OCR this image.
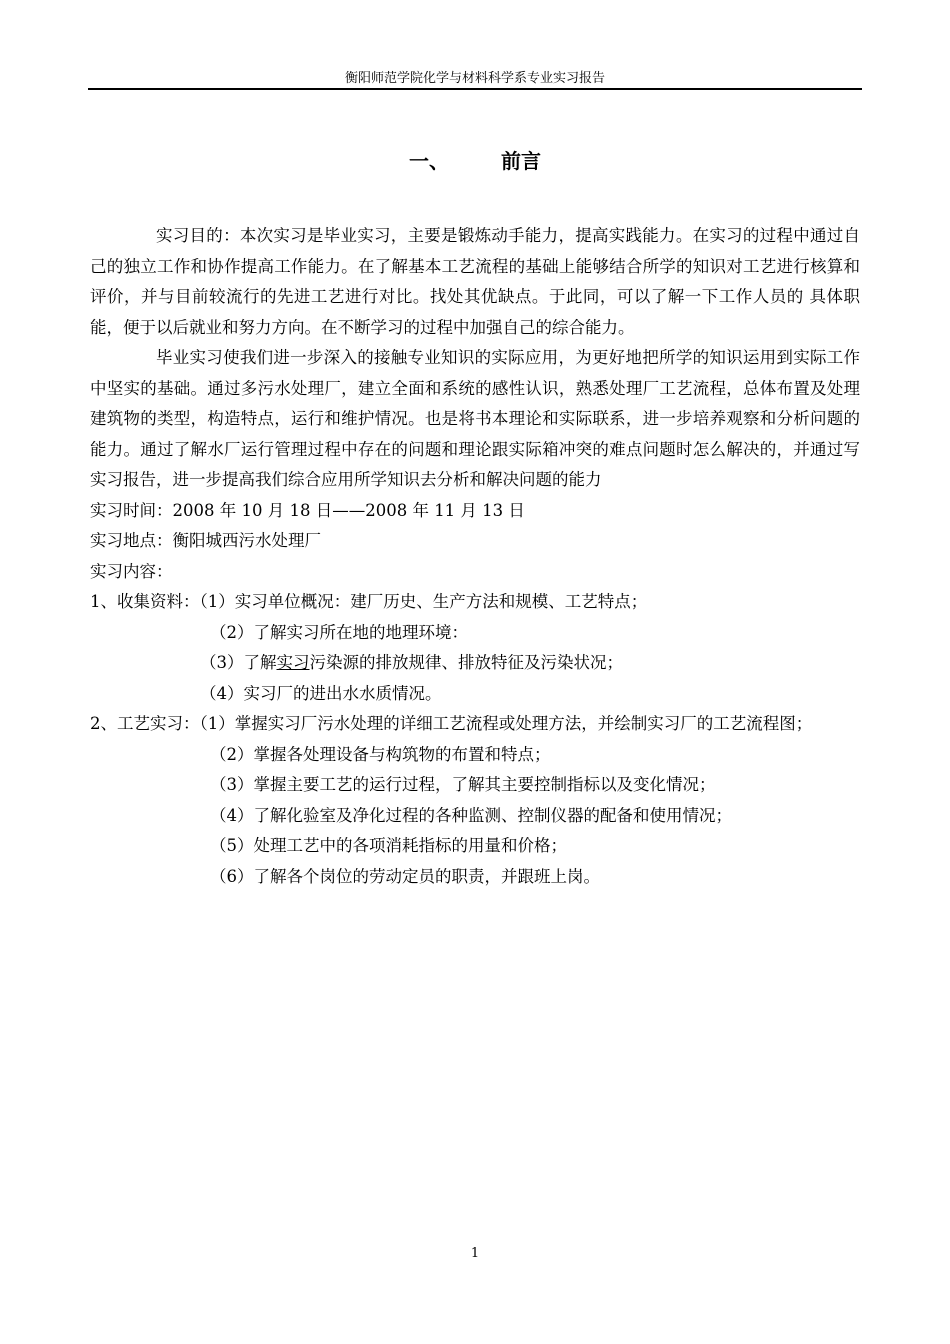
衡阳师范学院化学与材料科学系专业实习报告
一、	前言

实习目的：本次实习是毕业实习，主要是锻炼动手能力，提高实践能力。在实习的过程中通过自己的独立工作和协作提高工作能力。在了解基本工艺流程的基础上能够结合所学的知识对工艺进行核算和评价，并与目前较流行的先进工艺进行对比。找处其优缺点。于此同，可以了解一下工作人员的 具体职能，便于以后就业和努力方向。在不断学习的过程中加强自己的综合能力。

毕业实习使我们进一步深入的接触专业知识的实际应用，为更好地把所学的知识运用到实际工作中坚实的基础。通过多污水处理厂，建立全面和系统的感性认识，熟悉处理厂工艺流程，总体布置及处理建筑物的类型，构造特点，运行和维护情况。也是将书本理论和实际联系，进一步培养观察和分析问题的能力。通过了解水厂运行管理过程中存在的问题和理论跟实际箱冲突的难点问题时怎么解决的，并通过写实习报告，进一步提高我们综合应用所学知识去分析和解决问题的能力

实习时间：2008 年 10 月 18 日——2008 年 11 月 13 日

实习地点：衡阳城西污水处理厂

实习内容：

1、收集资料：（1）实习单位概况：建厂历史、生产方法和规模、工艺特点；

（2）了解实习所在地的地理环境：

（3）了解实习污染源的排放规律、排放特征及污染状况；

（4）实习厂的进出水水质情况。

2、工艺实习：（1）掌握实习厂污水处理的详细工艺流程或处理方法，并绘制实习厂的工艺流程图；

（2）掌握各处理设备与构筑物的布置和特点；

（3）掌握主要工艺的运行过程，了解其主要控制指标以及变化情况；

（4）了解化验室及净化过程的各种监测、控制仪器的配备和使用情况；

（5）处理工艺中的各项消耗指标的用量和价格；

（6）了解各个岗位的劳动定员的职责，并跟班上岗。

1
